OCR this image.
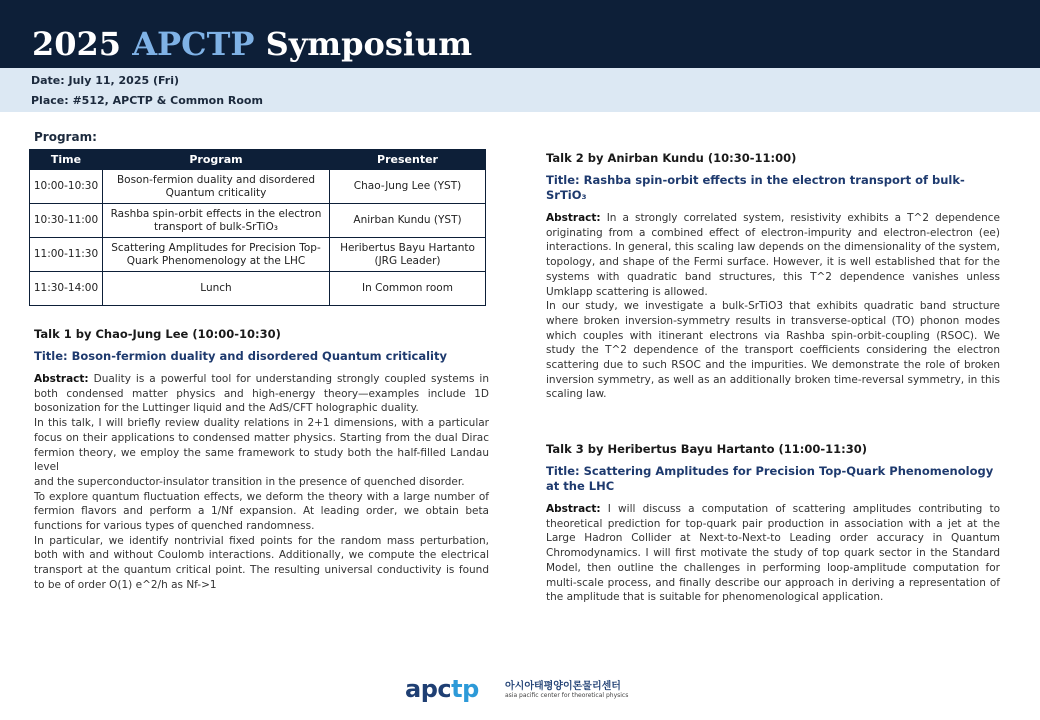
2025 APCTP Symposium
Date: July 11, 2025 (Fri)
Place: #512, APCTP & Common Room
Program:
Time	Program	Presenter
10:00-10:30	Boson-fermion duality and disordered Quantum criticality	Chao-Jung Lee (YST)
10:30-11:00	Rashba spin-orbit effects in the electron transport of bulk-SrTiO₃	Anirban Kundu (YST)
11:00-11:30	Scattering Amplitudes for Precision Top-Quark Phenomenology at the LHC	Heribertus Bayu Hartanto (JRG Leader)
11:30-14:00	Lunch	In Common room
Talk 1 by Chao-Jung Lee (10:00-10:30)
Title: Boson-fermion duality and disordered Quantum criticality

Abstract: Duality is a powerful tool for understanding strongly coupled systems in both condensed matter physics and high-energy theory—examples include 1D bosonization for the Luttinger liquid and the AdS/CFT holographic duality.

In this talk, I will briefly review duality relations in 2+1 dimensions, with a particular focus on their applications to condensed matter physics. Starting from the dual Dirac fermion theory, we employ the same framework to study both the half-filled Landau level

and the superconductor-insulator transition in the presence of quenched disorder.

To explore quantum fluctuation effects, we deform the theory with a large number of fermion flavors and perform a 1/Nf expansion. At leading order, we obtain beta functions for various types of quenched randomness.

In particular, we identify nontrivial fixed points for the random mass perturbation, both with and without Coulomb interactions. Additionally, we compute the electrical transport at the quantum critical point. The resulting universal conductivity is found to be of order O(1) e^2/h as Nf->1

Talk 2 by Anirban Kundu (10:30-11:00)
Title: Rashba spin-orbit effects in the electron transport of bulk-SrTiO₃

Abstract: In a strongly correlated system, resistivity exhibits a T^2 dependence originating from a combined effect of electron-impurity and electron-electron (ee) interactions. In general, this scaling law depends on the dimensionality of the system, topology, and shape of the Fermi surface. However, it is well established that for the systems with quadratic band structures, this T^2 dependence vanishes unless Umklapp scattering is allowed.

In our study, we investigate a bulk-SrTiO3 that exhibits quadratic band structure where broken inversion-symmetry results in transverse-optical (TO) phonon modes which couples with itinerant electrons via Rashba spin-orbit-coupling (RSOC). We study the T^2 dependence of the transport coefficients considering the electron scattering due to such RSOC and the impurities. We demonstrate the role of broken inversion symmetry, as well as an additionally broken time-reversal symmetry, in this scaling law.

Talk 3 by Heribertus Bayu Hartanto (11:00-11:30)
Title: Scattering Amplitudes for Precision Top-Quark Phenomenology at the LHC

Abstract: I will discuss a computation of scattering amplitudes contributing to theoretical prediction for top-quark pair production in association with a jet at the Large Hadron Collider at Next-to-Next-to Leading order accuracy in Quantum Chromodynamics. I will first motivate the study of top quark sector in the Standard Model, then outline the challenges in performing loop-amplitude computation for multi-scale process, and finally describe our approach in deriving a representation of the amplitude that is suitable for phenomenological application.

apctp	아시아태평양이론물리센터
asia pacific center for theoretical physics
